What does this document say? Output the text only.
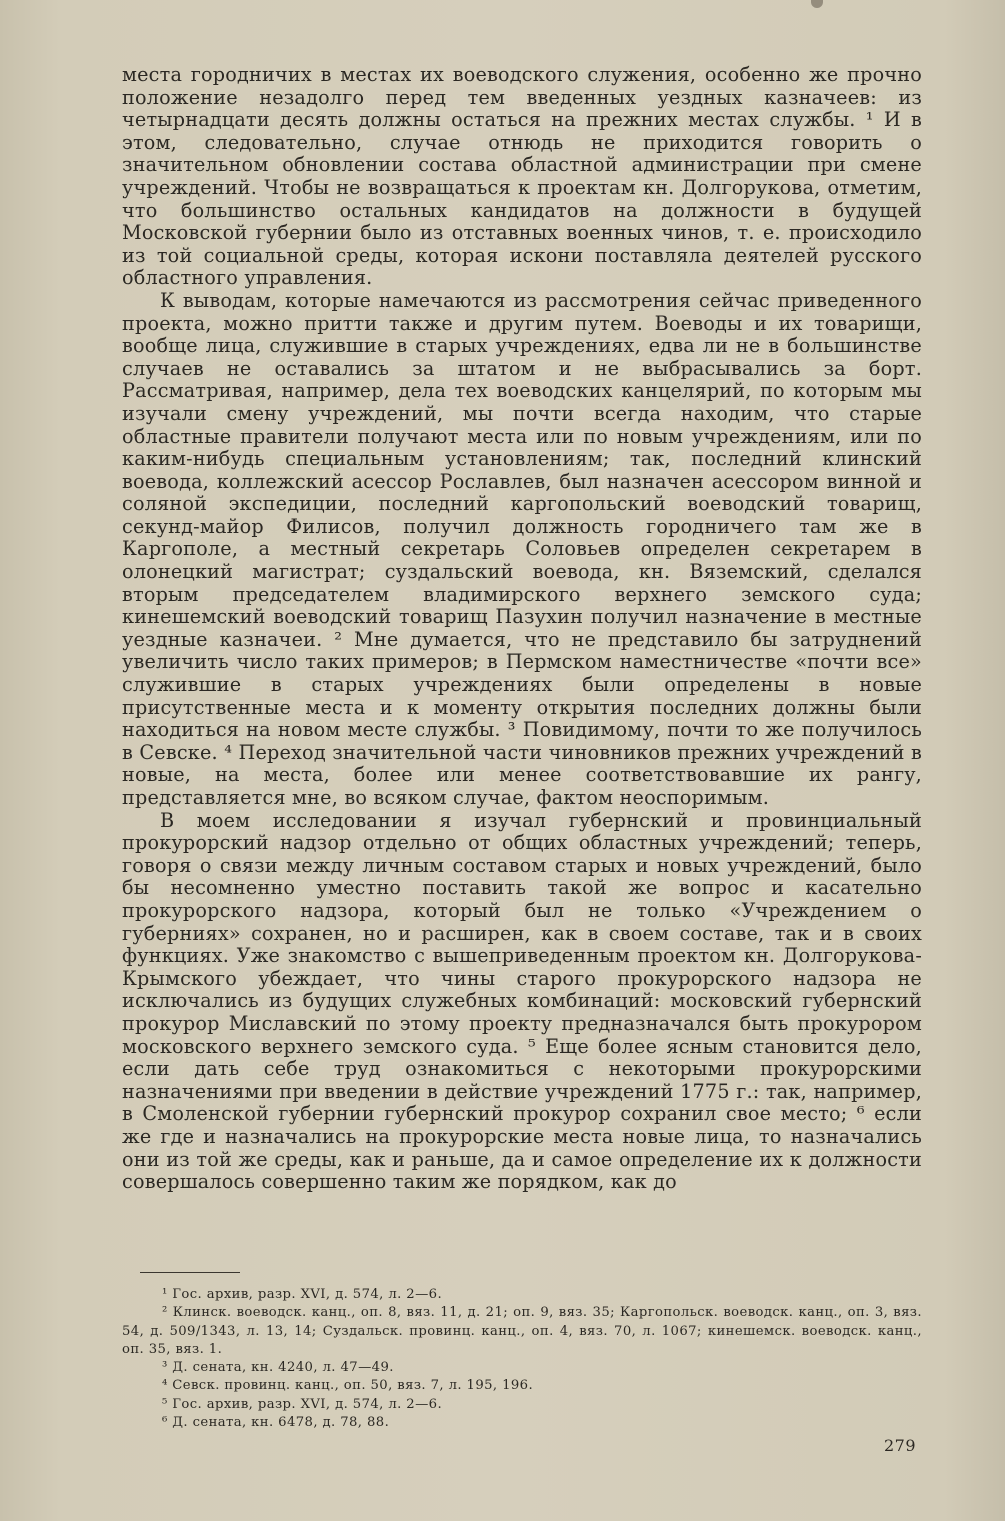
места городничих в местах их воеводского служения, особенно же прочно положение незадолго перед тем введенных уездных казначеев: из четырнадцати десять должны остаться на прежних местах службы. ¹ И в этом, следовательно, случае отнюдь не приходится говорить о значительном обновлении состава областной администрации при смене учреждений. Чтобы не возвращаться к проектам кн. Долгорукова, отметим, что большинство остальных кандидатов на должности в будущей Московской губернии было из отставных военных чинов, т. е. происходило из той социальной среды, которая искони поставляла деятелей русского областного управления.

К выводам, которые намечаются из рассмотрения сейчас приведенного проекта, можно притти также и другим путем. Воеводы и их товарищи, вообще лица, служившие в старых учреждениях, едва ли не в большинстве случаев не оставались за штатом и не выбрасывались за борт. Рассматривая, например, дела тех воеводских канцелярий, по которым мы изучали смену учреждений, мы почти всегда находим, что старые областные правители получают места или по новым учреждениям, или по каким-нибудь специальным установлениям; так, последний клинский воевода, коллежский асессор Рославлев, был назначен асессором винной и соляной экспедиции, последний каргопольский воеводский товарищ, секунд-майор Филисов, получил должность городничего там же в Каргополе, а местный секретарь Соловьев определен секретарем в олонецкий магистрат; суздальский воевода, кн. Вяземский, сделался вторым председателем владимирского верхнего земского суда; кинешемский воеводский товарищ Пазухин получил назначение в местные уездные казначеи. ² Мне думается, что не представило бы затруднений увеличить число таких примеров; в Пермском наместничестве «почти все» служившие в старых учреждениях были определены в новые присутственные места и к моменту открытия последних должны были находиться на новом месте службы. ³ Повидимому, почти то же получилось в Севске. ⁴ Переход значительной части чиновников прежних учреждений в новые, на места, более или менее соответствовавшие их рангу, представляется мне, во всяком случае, фактом неоспоримым.

В моем исследовании я изучал губернский и провинциальный прокурорский надзор отдельно от общих областных учреждений; теперь, говоря о связи между личным составом старых и новых учреждений, было бы несомненно уместно поставить такой же вопрос и касательно прокурорского надзора, который был не только «Учреждением о губерниях» сохранен, но и расширен, как в своем составе, так и в своих функциях. Уже знакомство с вышеприведенным проектом кн. Долгорукова-Крымского убеждает, что чины старого прокурорского надзора не исключались из будущих служебных комбинаций: московский губернский прокурор Миславский по этому проекту предназначался быть прокурором московского верхнего земского суда. ⁵ Еще более ясным становится дело, если дать себе труд ознакомиться с некоторыми прокурорскими назначениями при введении в действие учреждений 1775 г.: так, например, в Смоленской губернии губернский прокурор сохранил свое место; ⁶ если же где и назначались на прокурорские места новые лица, то назначались они из той же среды, как и раньше, да и самое определение их к должности совершалось совершенно таким же порядком, как до

¹ Гос. архив, разр. XVI, д. 574, л. 2—6.

² Клинск. воеводск. канц., оп. 8, вяз. 11, д. 21; оп. 9, вяз. 35; Каргопольск. воеводск. канц., оп. 3, вяз. 54, д. 509/1343, л. 13, 14; Суздальск. провинц. канц., оп. 4, вяз. 70, л. 1067; кинешемск. воеводск. канц., оп. 35, вяз. 1.

³ Д. сената, кн. 4240, л. 47—49.

⁴ Севск. провинц. канц., оп. 50, вяз. 7, л. 195, 196.

⁵ Гос. архив, разр. XVI, д. 574, л. 2—6.

⁶ Д. сената, кн. 6478, д. 78, 88.

279
